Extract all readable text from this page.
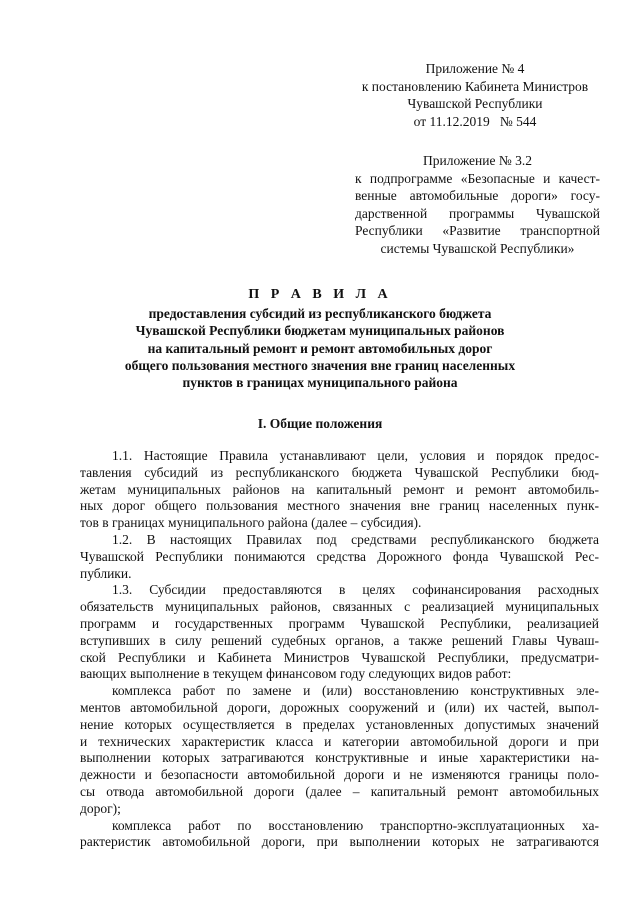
Приложение № 4
к постановлению Кабинета Министров
Чувашской Республики
от 11.12.2019   № 544
Приложение № 3.2
к подпрограмме «Безопасные и качест-
венные автомобильные дороги» госу-
дарственной программы Чувашской
Республики «Развитие транспортной
системы Чувашской Республики»
П Р А В И Л А
предоставления субсидий из республиканского бюджета
Чувашской Республики бюджетам муниципальных районов
на капитальный ремонт и ремонт автомобильных дорог
общего пользования местного значения вне границ населенных
пунктов в границах муниципального района
I. Общие положения
1.1. Настоящие Правила устанавливают цели, условия и порядок предос-
тавления субсидий из республиканского бюджета Чувашской Республики бюд-
жетам муниципальных районов на капитальный ремонт и ремонт автомобиль-
ных дорог общего пользования местного значения вне границ населенных пунк-
тов в границах муниципального района (далее – субсидия).
1.2. В настоящих Правилах под средствами республиканского бюджета
Чувашской Республики понимаются средства Дорожного фонда Чувашской Рес-
публики.
1.3. Субсидии предоставляются в целях софинансирования расходных
обязательств муниципальных районов, связанных с реализацией муниципальных
программ и государственных программ Чувашской Республики, реализацией
вступивших в силу решений судебных органов, а также решений Главы Чуваш-
ской Республики и Кабинета Министров Чувашской Республики, предусматри-
вающих выполнение в текущем финансовом году следующих видов работ:
комплекса работ по замене и (или) восстановлению конструктивных эле-
ментов автомобильной дороги, дорожных сооружений и (или) их частей, выпол-
нение которых осуществляется в пределах установленных допустимых значений
и технических характеристик класса и категории автомобильной дороги и при
выполнении которых затрагиваются конструктивные и иные характеристики на-
дежности и безопасности автомобильной дороги и не изменяются границы поло-
сы отвода автомобильной дороги (далее – капитальный ремонт автомобильных
дорог);
комплекса работ по восстановлению транспортно-эксплуатационных ха-
рактеристик автомобильной дороги, при выполнении которых не затрагиваются
